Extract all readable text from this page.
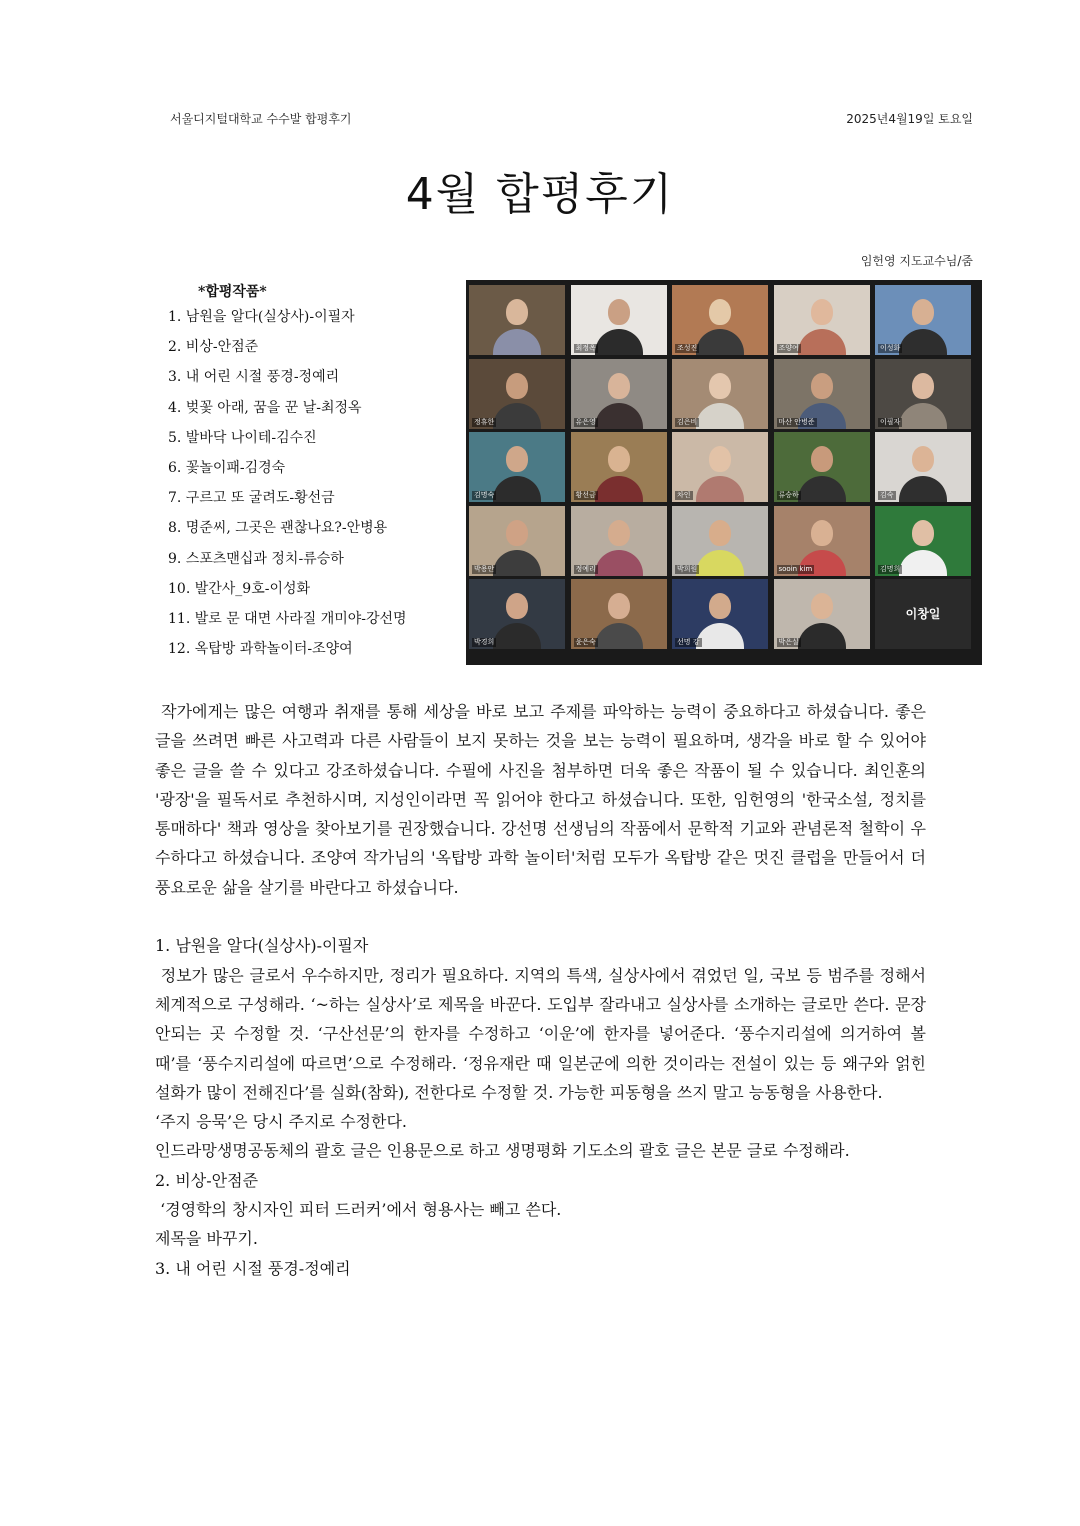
서울디지털대학교 수수발 합평후기	2025년4월19일 토요일
4월 합평후기
임헌영 지도교수님/줌
*합평작품*
1. 남원을 알다(실상사)-이필자
2. 비상-안점준
3. 내 어린 시절 풍경-정예리
4. 벚꽃 아래, 꿈을 꾼 날-최정옥
5. 발바닥 나이테-김수진
6. 꽃놀이패-김경숙
7. 구르고 또 굴려도-황선금
8. 명준씨, 그곳은 괜찮나요?-안병용
9. 스포츠맨십과 정치-류승하
10. 발간사_9호-이성화
11. 발로 문 대면 사라질 개미야-강선명
12. 옥탑방 과학놀이터-조양여
최정옥	조성진	조양여	이성화
정휴한	유은영	김은비	마산 안병준	이필자
김명숙	황선금	차인	류승하	김숙
박용안	정예리	박희원	sooin kim	김명희
박경희	윤은숙	선명 강	박은실
이창일

작가에게는 많은 여행과 취재를 통해 세상을 바로 보고 주제를 파악하는 능력이 중요하다고 하셨습니다. 좋은 글을 쓰려면 빠른 사고력과 다른 사람들이 보지 못하는 것을 보는 능력이 필요하며, 생각을 바로 할 수 있어야 좋은 글을 쓸 수 있다고 강조하셨습니다. 수필에 사진을 첨부하면 더욱 좋은 작품이 될 수 있습니다. 최인훈의 '광장'을 필독서로 추천하시며, 지성인이라면 꼭 읽어야 한다고 하셨습니다. 또한, 임헌영의 '한국소설, 정치를 통매하다' 책과 영상을 찾아보기를 권장했습니다. 강선명 선생님의 작품에서 문학적 기교와 관념론적 철학이 우수하다고 하셨습니다. 조양여 작가님의 '옥탑방 과학 놀이터'처럼 모두가 옥탑방 같은 멋진 클럽을 만들어서 더 풍요로운 삶을 살기를 바란다고 하셨습니다.

1. 남원을 알다(실상사)-이필자

정보가 많은 글로서 우수하지만, 정리가 필요하다. 지역의 특색, 실상사에서 겪었던 일, 국보 등 범주를 정해서 체계적으로 구성해라. ‘~하는 실상사’로 제목을 바꾼다. 도입부 잘라내고 실상사를 소개하는 글로만 쓴다. 문장 안되는 곳 수정할 것. ‘구산선문’의 한자를 수정하고 ‘이운’에 한자를 넣어준다. ‘풍수지리설에 의거하여 볼 때’를 ‘풍수지리설에 따르면’으로 수정해라. ‘정유재란 때 일본군에 의한 것이라는 전설이 있는 등 왜구와 얽힌 설화가 많이 전해진다’를 실화(참화), 전한다로 수정할 것. 가능한 피동형을 쓰지 말고 능동형을 사용한다.

‘주지 응묵’은 당시 주지로 수정한다.

인드라망생명공동체의 괄호 글은 인용문으로 하고 생명평화 기도소의 괄호 글은 본문 글로 수정해라.

2. 비상-안점준

‘경영학의 창시자인 피터 드러커’에서 형용사는 빼고 쓴다.

제목을 바꾸기.

3. 내 어린 시절 풍경-정예리
